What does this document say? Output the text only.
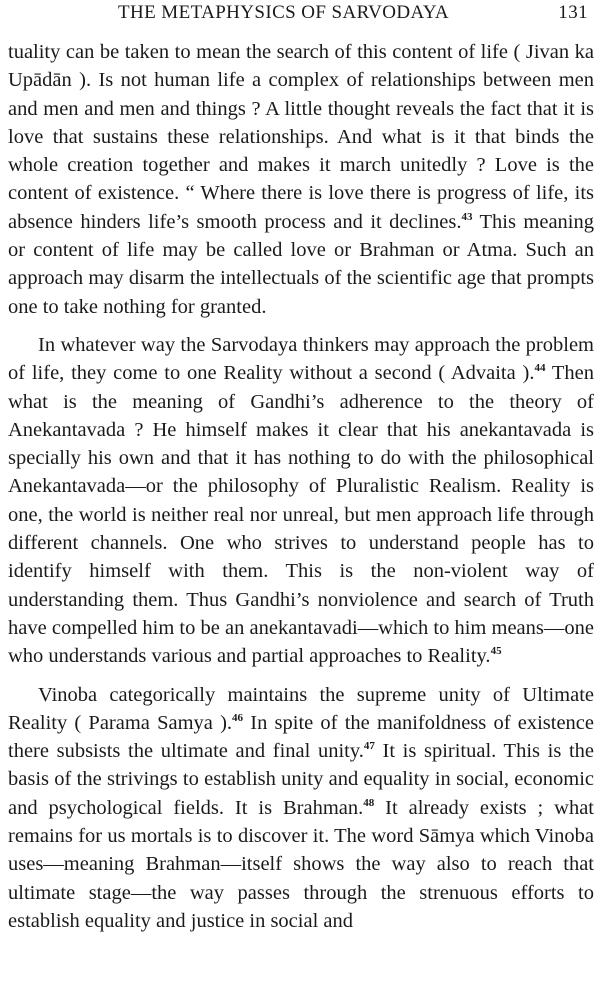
THE METAPHYSICS OF SARVODAYA	131

tuality can be taken to mean the search of this content of life ( Jivan ka Upādān ). Is not human life a complex of relationships between men and men and men and things ? A little thought reveals the fact that it is love that sustains these relationships. And what is it that binds the whole creation together and makes it march unitedly ? Love is the content of existence. “ Where there is love there is progress of life, its absence hinders life’s smooth process and it declines.$^{43}$ This meaning or content of life may be called love or Brahman or Atma. Such an approach may disarm the intellectuals of the scientific age that prompts one to take nothing for granted.

In whatever way the Sarvodaya thinkers may approach the problem of life, they come to one Reality without a second ( Advaita ).$^{44}$ Then what is the meaning of Gandhi’s adherence to the theory of Anekantavada ? He himself makes it clear that his anekantavada is specially his own and that it has nothing to do with the philosophical Anekantavada—or the philosophy of Pluralistic Realism. Reality is one, the world is neither real nor unreal, but men approach life through different channels. One who strives to understand people has to identify himself with them. This is the non-violent way of understanding them. Thus Gandhi’s nonviolence and search of Truth have compelled him to be an anekantavadi—which to him means—one who understands various and partial approaches to Reality.$^{45}$

Vinoba categorically maintains the supreme unity of Ultimate Reality ( Parama Samya ).$^{46}$ In spite of the manifoldness of existence there subsists the ultimate and final unity.$^{47}$ It is spiritual. This is the basis of the strivings to establish unity and equality in social, economic and psychological fields. It is Brahman.$^{48}$ It already exists ; what remains for us mortals is to discover it. The word Sāmya which Vinoba uses—meaning Brahman—itself shows the way also to reach that ultimate stage—the way passes through the strenuous efforts to establish equality and justice in social and
